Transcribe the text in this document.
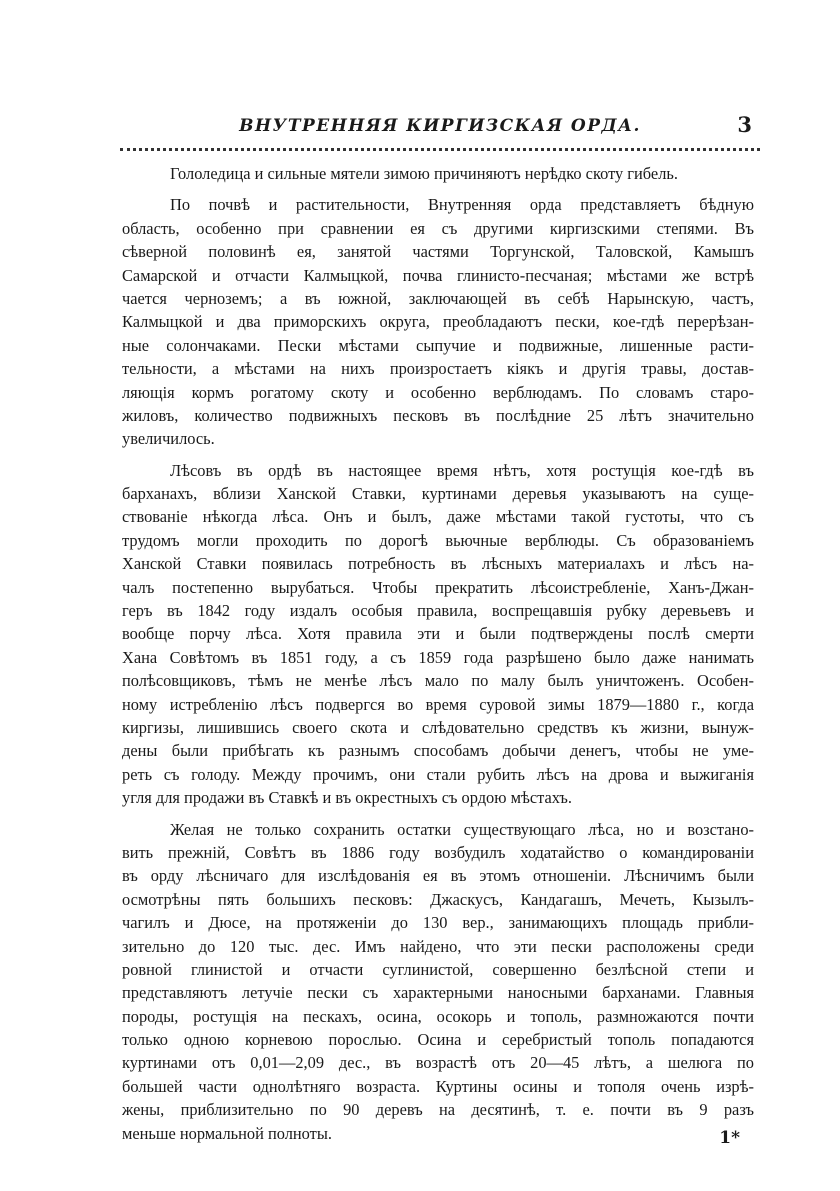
ВНУТРЕННЯЯ КИРГИЗСКАЯ ОРДА.	3
Гололедица и сильные мятели зимою причиняютъ нерѣдко скоту гибель.
По почвѣ и растительности, Внутренняя орда представляетъ бѣдную
область, особенно при сравнении ея съ другими киргизскими степями. Въ
сѣверной половинѣ ея, занятой частями Торгунской, Таловской, Камышъ
Самарской и отчасти Калмыцкой, почва глинисто-песчаная; мѣстами же встрѣ
чается черноземъ; а въ южной, заключающей въ себѣ Нарынскую, частъ,
Калмыцкой и два приморскихъ округа, преобладаютъ пески, кое-гдѣ перерѣзан-
ные солончаками. Пески мѣстами сыпучие и подвижные, лишенные расти-
тельности, а мѣстами на нихъ произростаетъ кіякъ и другія травы, достав-
ляющія кормъ рогатому скоту и особенно верблюдамъ. По словамъ старо-
жиловъ, количество подвижныхъ песковъ въ послѣдние 25 лѣтъ значительно
увеличилось.
Лѣсовъ въ ордѣ въ настоящее время нѣтъ, хотя ростущія кое-гдѣ въ
барханахъ, вблизи Ханской Ставки, куртинами деревья указываютъ на суще-
ствованіе нѣкогда лѣса. Онъ и былъ, даже мѣстами такой густоты, что съ
трудомъ могли проходить по дорогѣ вьючные верблюды. Съ образованіемъ
Ханской Ставки появилась потребность въ лѣсныхъ материалахъ и лѣсъ на-
чалъ постепенно вырубаться. Чтобы прекратить лѣсоистребленіе, Ханъ-Джан-
геръ въ 1842 году издалъ особыя правила, воспрещавшія рубку деревьевъ и
вообще порчу лѣса. Хотя правила эти и были подтверждены послѣ смерти
Хана Совѣтомъ въ 1851 году, а съ 1859 года разрѣшено было даже нанимать
полѣсовщиковъ, тѣмъ не менѣе лѣсъ мало по малу былъ уничтоженъ. Особен-
ному истребленію лѣсъ подвергся во время суровой зимы 1879—1880 г., когда
киргизы, лишившись своего скота и слѣдовательно средствъ къ жизни, вынуж-
дены были прибѣгать къ разнымъ способамъ добычи денегъ, чтобы не уме-
реть съ голоду. Между прочимъ, они стали рубить лѣсъ на дрова и выжиганія
угля для продажи въ Ставкѣ и въ окрестныхъ съ ордою мѣстахъ.
Желая не только сохранить остатки существующаго лѣса, но и возстано-
вить прежній, Совѣтъ въ 1886 году возбудилъ ходатайство о командированіи
въ орду лѣсничаго для изслѣдованія ея въ этомъ отношеніи. Лѣсничимъ были
осмотрѣны пять большихъ песковъ: Джаскусъ, Кандагашъ, Мечеть, Кызылъ-
чагилъ и Дюсе, на протяженіи до 130 вер., занимающихъ площадь прибли-
зительно до 120 тыс. дес. Имъ найдено, что эти пески расположены среди
ровной глинистой и отчасти суглинистой, совершенно безлѣсной степи и
представляютъ летучіе пески съ характерными наносными барханами. Главныя
породы, ростущія на пескахъ, осина, осокорь и тополь, размножаются почти
только одною корневою порослью. Осина и серебристый тополь попадаются
куртинами отъ 0,01—2,09 дес., въ возрастѣ отъ 20—45 лѣтъ, а шелюга по
большей части однолѣтняго возраста. Куртины осины и тополя очень изрѣ-
жены, приблизительно по 90 деревъ на десятинѣ, т. е. почти въ 9 разъ
меньше нормальной полноты.	1*
